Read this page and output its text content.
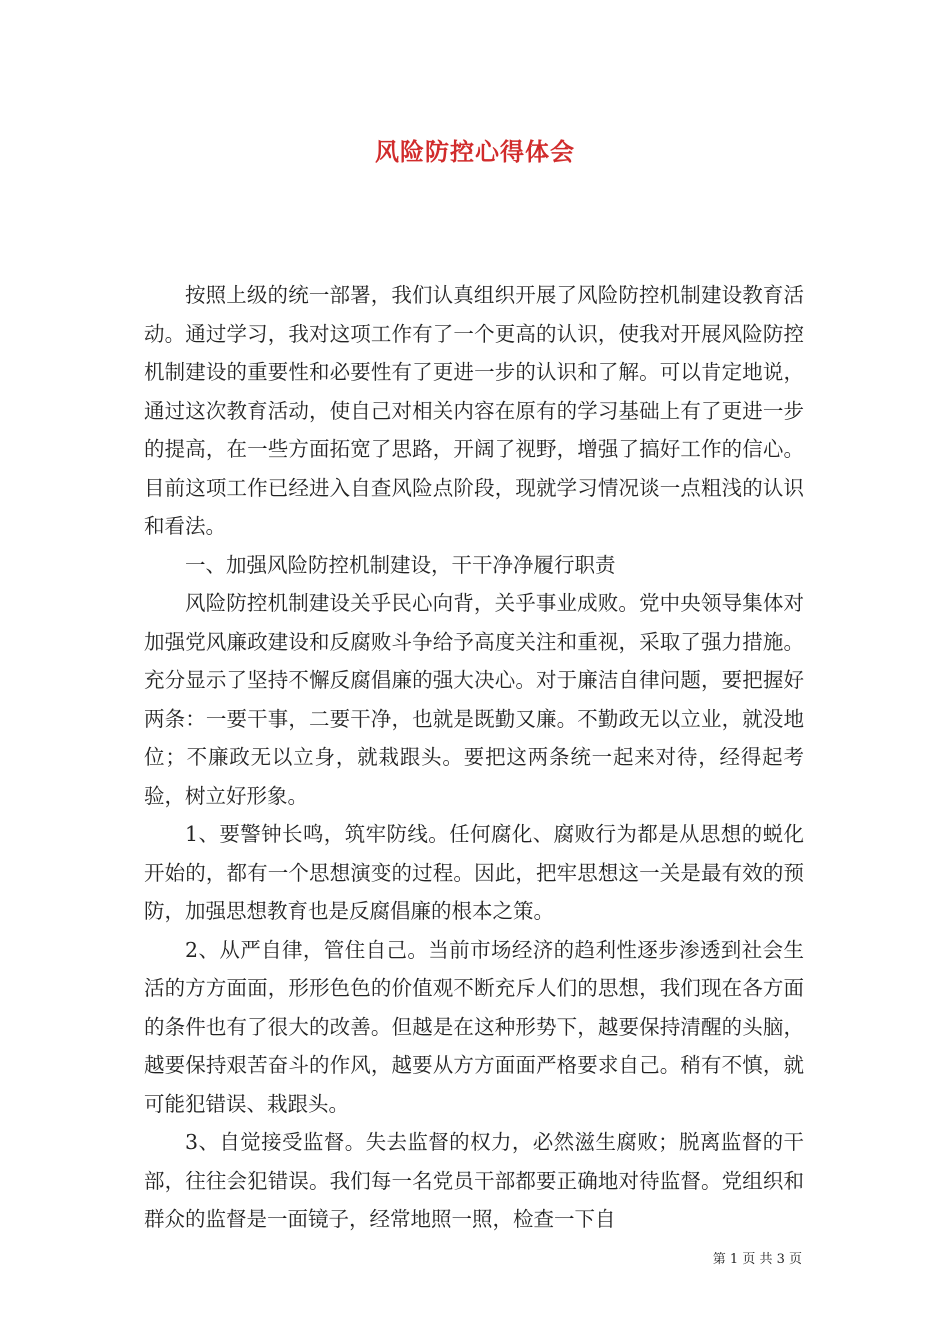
风险防控心得体会

按照上级的统一部署，我们认真组织开展了风险防控机制建设教育活动。通过学习，我对这项工作有了一个更高的认识，使我对开展风险防控机制建设的重要性和必要性有了更进一步的认识和了解。可以肯定地说，通过这次教育活动，使自己对相关内容在原有的学习基础上有了更进一步的提高，在一些方面拓宽了思路，开阔了视野，增强了搞好工作的信心。目前这项工作已经进入自查风险点阶段，现就学习情况谈一点粗浅的认识和看法。

一、加强风险防控机制建设，干干净净履行职责

风险防控机制建设关乎民心向背，关乎事业成败。党中央领导集体对加强党风廉政建设和反腐败斗争给予高度关注和重视，采取了强力措施。充分显示了坚持不懈反腐倡廉的强大决心。对于廉洁自律问题，要把握好两条：一要干事，二要干净，也就是既勤又廉。不勤政无以立业，就没地位；不廉政无以立身，就栽跟头。要把这两条统一起来对待，经得起考验，树立好形象。

1、要警钟长鸣，筑牢防线。任何腐化、腐败行为都是从思想的蜕化开始的，都有一个思想演变的过程。因此，把牢思想这一关是最有效的预防，加强思想教育也是反腐倡廉的根本之策。

2、从严自律，管住自己。当前市场经济的趋利性逐步渗透到社会生活的方方面面，形形色色的价值观不断充斥人们的思想，我们现在各方面的条件也有了很大的改善。但越是在这种形势下，越要保持清醒的头脑，越要保持艰苦奋斗的作风，越要从方方面面严格要求自己。稍有不慎，就可能犯错误、栽跟头。

3、自觉接受监督。失去监督的权力，必然滋生腐败；脱离监督的干部，往往会犯错误。我们每一名党员干部都要正确地对待监督。党组织和群众的监督是一面镜子，经常地照一照，检查一下自

第 1 页 共 3 页
